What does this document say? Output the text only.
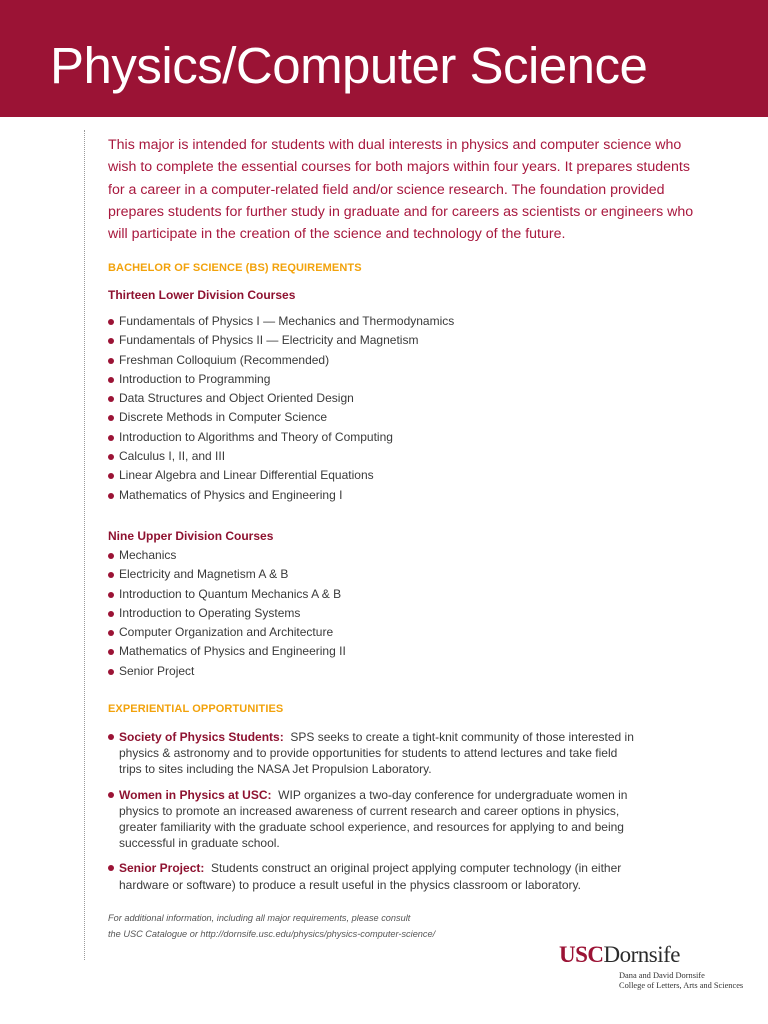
Physics/Computer Science

This major is intended for students with dual interests in physics and computer science who wish to complete the essential courses for both majors within four years. It prepares students for a career in a computer-related field and/or science research. The foundation provided prepares students for further study in graduate and for careers as scientists or engineers who will participate in the creation of the science and technology of the future.

BACHELOR OF SCIENCE (BS) REQUIREMENTS
Thirteen Lower Division Courses
Fundamentals of Physics I — Mechanics and Thermodynamics
Fundamentals of Physics II — Electricity and Magnetism
Freshman Colloquium (Recommended)
Introduction to Programming
Data Structures and Object Oriented Design
Discrete Methods in Computer Science
Introduction to Algorithms and Theory of Computing
Calculus I, II, and III
Linear Algebra and Linear Differential Equations
Mathematics of Physics and Engineering I
Nine Upper Division Courses
Mechanics
Electricity and Magnetism A & B
Introduction to Quantum Mechanics A & B
Introduction to Operating Systems
Computer Organization and Architecture
Mathematics of Physics and Engineering II
Senior Project
EXPERIENTIAL OPPORTUNITIES
Society of Physics Students: SPS seeks to create a tight-knit community of those interested in physics & astronomy and to provide opportunities for students to attend lectures and take field trips to sites including the NASA Jet Propulsion Laboratory.
Women in Physics at USC: WIP organizes a two-day conference for undergraduate women in physics to promote an increased awareness of current research and career options in physics, greater familiarity with the graduate school experience, and resources for applying to and being successful in graduate school.
Senior Project: Students construct an original project applying computer technology (in either hardware or software) to produce a result useful in the physics classroom or laboratory.

For additional information, including all major requirements, please consult
the USC Catalogue or http://dornsife.usc.edu/physics/physics-computer-science/

USCDornsife
Dana and David Dornsife
College of Letters, Arts and Sciences
